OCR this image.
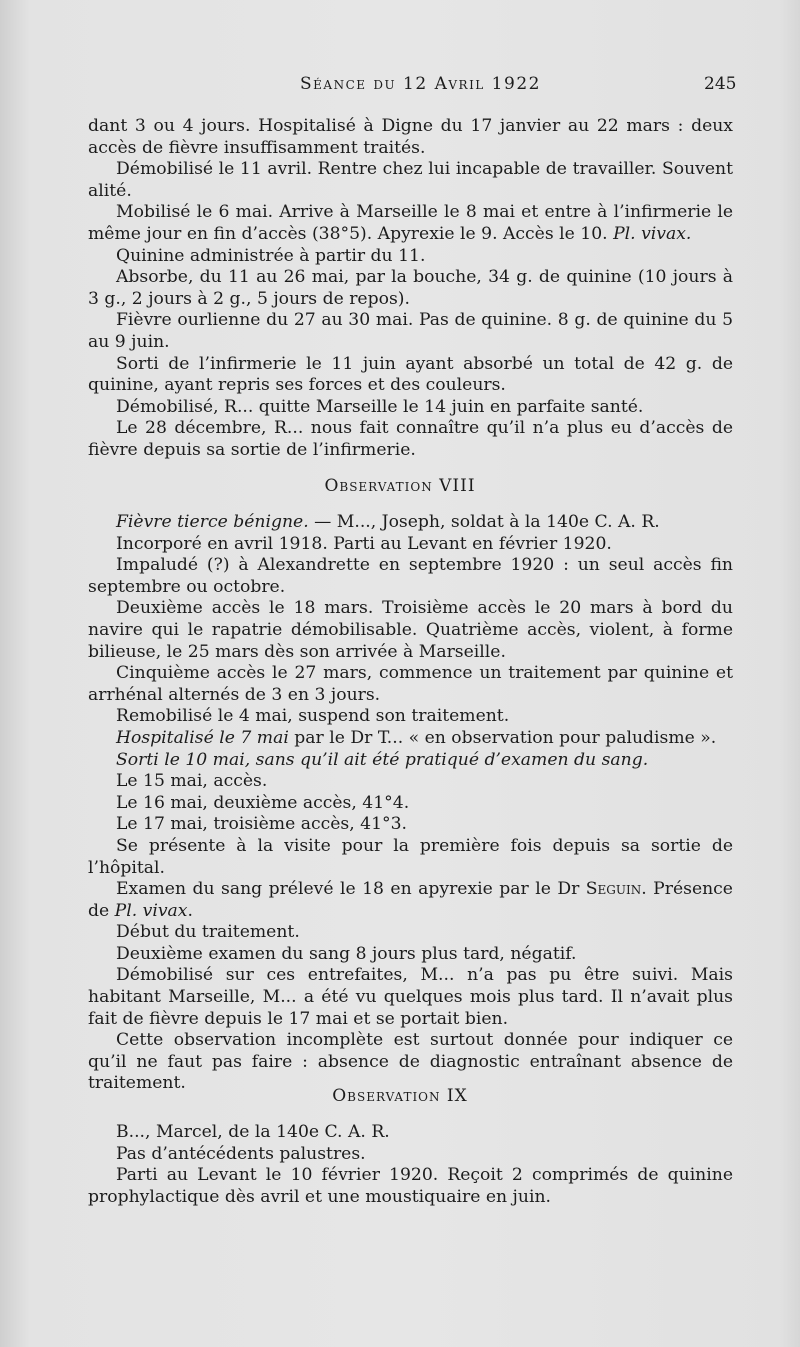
Séance du 12 Avril 1922	245

dant 3 ou 4 jours. Hospitalisé à Digne du 17 janvier au 22 mars : deux accès de fièvre insuffisamment traités.

Démobilisé le 11 avril. Rentre chez lui incapable de travailler. Souvent alité.

Mobilisé le 6 mai. Arrive à Marseille le 8 mai et entre à l’infirmerie le même jour en fin d’accès (38°5). Apyrexie le 9. Accès le 10. Pl. vivax.

Quinine administrée à partir du 11.

Absorbe, du 11 au 26 mai, par la bouche, 34 g. de quinine (10 jours à 3 g., 2 jours à 2 g., 5 jours de repos).

Fièvre ourlienne du 27 au 30 mai. Pas de quinine. 8 g. de quinine du 5 au 9 juin.

Sorti de l’infirmerie le 11 juin ayant absorbé un total de 42 g. de quinine, ayant repris ses forces et des couleurs.

Démobilisé, R... quitte Marseille le 14 juin en parfaite santé.

Le 28 décembre, R... nous fait connaître qu’il n’a plus eu d’accès de fièvre depuis sa sortie de l’infirmerie.

Observation VIII

Fièvre tierce bénigne. — M..., Joseph, soldat à la 140e C. A. R.

Incorporé en avril 1918. Parti au Levant en février 1920.

Impaludé (?) à Alexandrette en septembre 1920 : un seul accès fin septembre ou octobre.

Deuxième accès le 18 mars. Troisième accès le 20 mars à bord du navire qui le rapatrie démobilisable. Quatrième accès, violent, à forme bilieuse, le 25 mars dès son arrivée à Marseille.

Cinquième accès le 27 mars, commence un traitement par quinine et arrhénal alternés de 3 en 3 jours.

Remobilisé le 4 mai, suspend son traitement.

Hospitalisé le 7 mai par le Dr T... « en observation pour paludisme ».

Sorti le 10 mai, sans qu’il ait été pratiqué d’examen du sang.

Le 15 mai, accès.

Le 16 mai, deuxième accès, 41°4.

Le 17 mai, troisième accès, 41°3.

Se présente à la visite pour la première fois depuis sa sortie de l’hôpital.

Examen du sang prélevé le 18 en apyrexie par le Dr Seguin. Présence de Pl. vivax.

Début du traitement.

Deuxième examen du sang 8 jours plus tard, négatif.

Démobilisé sur ces entrefaites, M... n’a pas pu être suivi. Mais habitant Marseille, M... a été vu quelques mois plus tard. Il n’avait plus fait de fièvre depuis le 17 mai et se portait bien.

Cette observation incomplète est surtout donnée pour indiquer ce qu’il ne faut pas faire : absence de diagnostic entraînant absence de traitement.

Observation IX

B..., Marcel, de la 140e C. A. R.

Pas d’antécédents palustres.

Parti au Levant le 10 février 1920. Reçoit 2 comprimés de quinine prophylactique dès avril et une moustiquaire en juin.
